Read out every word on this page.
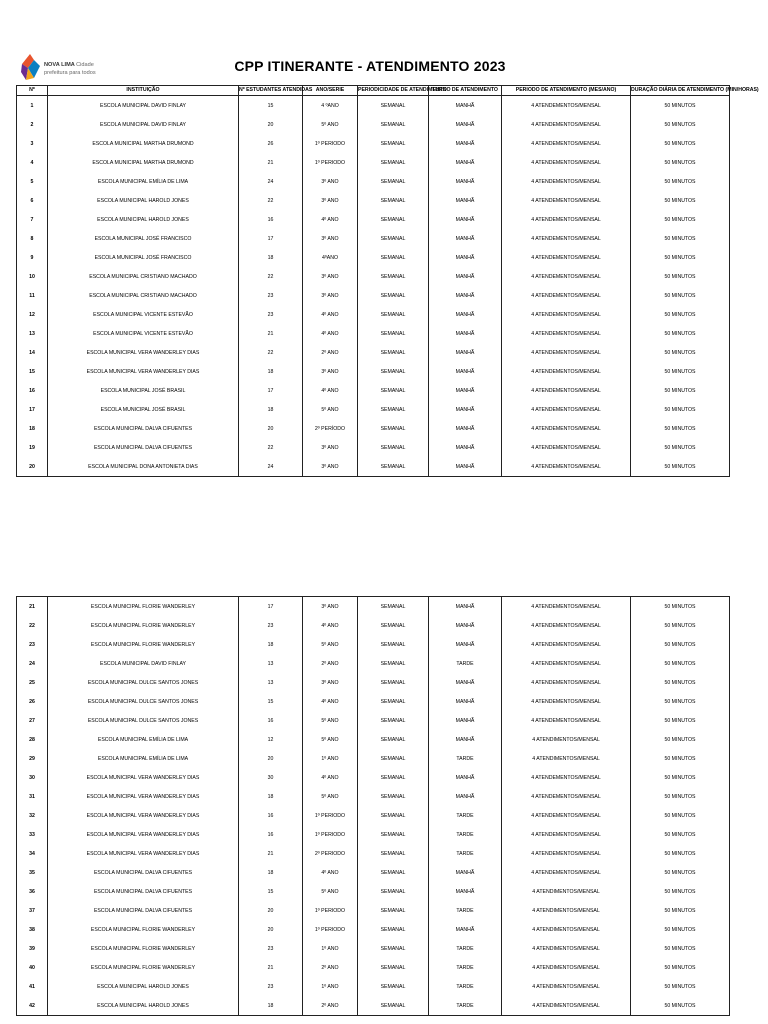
NOVA LIMA Cidade
prefeitura para todos	CPP ITINERANTE - ATENDIMENTO 2023
Nº	INSTITUIÇÃO	Nº ESTUDANTES ATENDIDAS	ANO/SERIE	PERIODICIDADE DE ATENDIMENTO	TURNO DE ATENDIMENTO	PERIODO DE ATENDIMENTO (MES/ANO)	DURAÇÃO DIÁRIA DE ATENDIMENTO (MIN/HORAS)
1	ESCOLA MUNICIPAL DAVID FINLAY	15	4 ºANO	SEMANAL	MANHÃ	4 ATENDEMENTOS/MENSAL	50 MINUTOS
2	ESCOLA MUNICIPAL DAVID FINLAY	20	5º ANO	SEMANAL	MANHÃ	4 ATENDEMENTOS/MENSAL	50 MINUTOS
3	ESCOLA MUNICIPAL MARTHA DRUMOND	26	1º PERIODO	SEMANAL	MANHÃ	4 ATENDEMENTOS/MENSAL	50 MINUTOS
4	ESCOLA MUNICIPAL MARTHA DRUMOND	21	1º PERIODO	SEMANAL	MANHÃ	4 ATENDEMENTOS/MENSAL	50 MINUTOS
5	ESCOLA MUNICIPAL EMÍLIA DE LIMA	24	3º ANO	SEMANAL	MANHÃ	4 ATENDEMENTOS/MENSAL	50 MINUTOS
6	ESCOLA MUNICIPAL HAROLD JONES	22	3º ANO	SEMANAL	MANHÃ	4 ATENDEMENTOS/MENSAL	50 MINUTOS
7	ESCOLA MUNICIPAL HAROLD JONES	16	4º ANO	SEMANAL	MANHÃ	4 ATENDEMENTOS/MENSAL	50 MINUTOS
8	ESCOLA MUNICIPAL JOSÉ FRANCISCO	17	3º ANO	SEMANAL	MANHÃ	4 ATENDEMENTOS/MENSAL	50 MINUTOS
9	ESCOLA MUNICIPAL JOSÉ FRANCISCO	18	4ºANO	SEMANAL	MANHÃ	4 ATENDEMENTOS/MENSAL	50 MINUTOS
10	ESCOLA MUNICIPAL CRISTIANO MACHADO	22	3º ANO	SEMANAL	MANHÃ	4 ATENDEMENTOS/MENSAL	50 MINUTOS
11	ESCOLA MUNICIPAL CRISTIANO MACHADO	23	3º ANO	SEMANAL	MANHÃ	4 ATENDEMENTOS/MENSAL	50 MINUTOS
12	ESCOLA MUNICIPAL VICENTE ESTEVÃO	23	4º ANO	SEMANAL	MANHÃ	4 ATENDEMENTOS/MENSAL	50 MINUTOS
13	ESCOLA MUNICIPAL VICENTE ESTEVÃO	21	4º ANO	SEMANAL	MANHÃ	4 ATENDEMENTOS/MENSAL	50 MINUTOS
14	ESCOLA MUNICIPAL VERA WANDERLEY DIAS	22	2º ANO	SEMANAL	MANHÃ	4 ATENDEMENTOS/MENSAL	50 MINUTOS
15	ESCOLA MUNICIPAL VERA WANDERLEY DIAS	18	3º ANO	SEMANAL	MANHÃ	4 ATENDEMENTOS/MENSAL	50 MINUTOS
16	ESCOLA MUNICIPAL JOSÉ BRASIL	17	4º ANO	SEMANAL	MANHÃ	4 ATENDEMENTOS/MENSAL	50 MINUTOS
17	ESCOLA MUNICIPAL JOSÉ BRASIL	18	5º ANO	SEMANAL	MANHÃ	4 ATENDEMENTOS/MENSAL	50 MINUTOS
18	ESCOLA MUNICIPAL DALVA CIFUENTES	20	2º PERÍODO	SEMANAL	MANHÃ	4 ATENDEMENTOS/MENSAL	50 MINUTOS
19	ESCOLA MUNICIPAL DALVA CIFUENTES	22	3º ANO	SEMANAL	MANHÃ	4 ATENDEMENTOS/MENSAL	50 MINUTOS
20	ESCOLA MUNICIPAL DONA ANTONIETA DIAS	24	3º ANO	SEMANAL	MANHÃ	4 ATENDEMENTOS/MENSAL	50 MINUTOS
21	ESCOLA MUNICIPAL FLORIE WANDERLEY	17	3º ANO	SEMANAL	MANHÃ	4 ATENDEMENTOS/MENSAL	50 MINUTOS
22	ESCOLA MUNICIPAL FLORIE WANDERLEY	23	4º ANO	SEMANAL	MANHÃ	4 ATENDEMENTOS/MENSAL	50 MINUTOS
23	ESCOLA MUNICIPAL FLORIE WANDERLEY	18	5º ANO	SEMANAL	MANHÃ	4 ATENDEMENTOS/MENSAL	50 MINUTOS
24	ESCOLA MUNICIPAL DAVID FINLAY	13	2º ANO	SEMANAL	TARDE	4 ATENDEMENTOS/MENSAL	50 MINUTOS
25	ESCOLA MUNICIPAL DULCE SANTOS JONES	13	3º ANO	SEMANAL	MANHÃ	4 ATENDEMENTOS/MENSAL	50 MINUTOS
26	ESCOLA MUNICIPAL DULCE SANTOS JONES	15	4º ANO	SEMANAL	MANHÃ	4 ATENDEMENTOS/MENSAL	50 MINUTOS
27	ESCOLA MUNICIPAL DULCE SANTOS JONES	16	5º ANO	SEMANAL	MANHÃ	4 ATENDEMENTOS/MENSAL	50 MINUTOS
28	ESCOLA MUNICIPAL EMÍLIA DE LIMA	12	5º ANO	SEMANAL	MANHÃ	4 ATENDIMENTOS/MENSAL	50 MINUTOS
29	ESCOLA MUNICIPAL EMÍLIA DE LIMA	20	1º ANO	SEMANAL	TARDE	4 ATENDIMENTOS/MENSAL	50 MINUTOS
30	ESCOLA MUNICIPAL VERA WANDERLEY DIAS	30	4º ANO	SEMANAL	MANHÃ	4 ATENDEMENTOS/MENSAL	50 MINUTOS
31	ESCOLA MUNICIPAL VERA WANDERLEY DIAS	18	5º ANO	SEMANAL	MANHÃ	4 ATENDEMENTOS/MENSAL	50 MINUTOS
32	ESCOLA MUNICIPAL VERA WANDERLEY DIAS	16	1º PERIODO	SEMANAL	TARDE	4 ATENDEMENTOS/MENSAL	50 MINUTOS
33	ESCOLA MUNICIPAL VERA WANDERLEY DIAS	16	1º PERIODO	SEMANAL	TARDE	4 ATENDEMENTOS/MENSAL	50 MINUTOS
34	ESCOLA MUNICIPAL VERA WANDERLEY DIAS	21	2º PERIODO	SEMANAL	TARDE	4 ATENDEMENTOS/MENSAL	50 MINUTOS
35	ESCOLA MUNICIPAL DALVA CIFUENTES	18	4º ANO	SEMANAL	MANHÃ	4 ATENDEMENTOS/MENSAL	50 MINUTOS
36	ESCOLA MUNICIPAL DALVA CIFUENTES	15	5º ANO	SEMANAL	MANHÃ	4 ATENDIMENTOS/MENSAL	50 MINUTOS
37	ESCOLA MUNICIPAL DALVA CIFUENTES	20	1º PERIODO	SEMANAL	TARDE	4 ATENDIMENTOS/MENSAL	50 MINUTOS
38	ESCOLA MUNICIPAL FLORIE WANDERLEY	20	1º PERIODO	SEMANAL	MANHÃ	4 ATENDIMENTOS/MENSAL	50 MINUTOS
39	ESCOLA MUNICIPAL FLORIE WANDERLEY	23	1º ANO	SEMANAL	TARDE	4 ATENDIMENTOS/MENSAL	50 MINUTOS
40	ESCOLA MUNICIPAL FLORIE WANDERLEY	21	2º ANO	SEMANAL	TARDE	4 ATENDIMENTOS/MENSAL	50 MINUTOS
41	ESCOLA MUNICIPAL HAROLD JONES	23	1º ANO	SEMANAL	TARDE	4 ATENDIMENTOS/MENSAL	50 MINUTOS
42	ESCOLA MUNICIPAL HAROLD JONES	18	2º ANO	SEMANAL	TARDE	4 ATENDIMENTOS/MENSAL	50 MINUTOS
